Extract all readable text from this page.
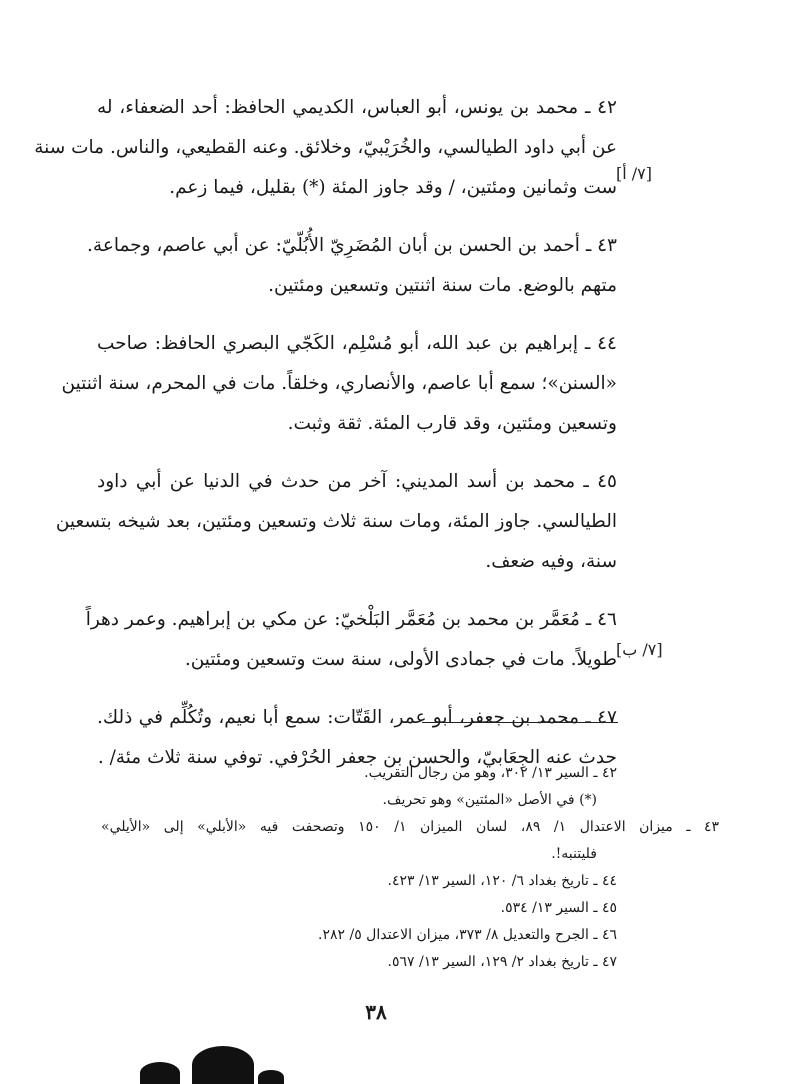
٤٢ ـ محمد بن يونس، أبو العباس، الكديمي الحافظ: أحد الضعفاء، له
عن أبي داود الطيالسي، والخُرَيْبيّ، وخلائق. وعنه القطيعي، والناس. مات سنة
ست وثمانين ومئتين، / وقد جاوز المئة (*) بقليل، فيما زعم.
٤٣ ـ أحمد بن الحسن بن أبان المُضَرِيّ الأُبُلّيّ: عن أبي عاصم، وجماعة.
متهم بالوضع. مات سنة اثنتين وتسعين ومئتين.
٤٤ ـ إبراهيم بن عبد الله، أبو مُسْلِم، الكَجّي البصري الحافظ: صاحب
«السنن»؛ سمع أبا عاصم، والأنصاري، وخلقاً. مات في المحرم، سنة اثنتين
وتسعين ومئتين، وقد قارب المئة. ثقة وثبت.
٤٥ ـ محمد بن أسد المديني: آخر من حدث في الدنيا عن أبي داود
الطيالسي. جاوز المئة، ومات سنة ثلاث وتسعين ومئتين، بعد شيخه بتسعين
سنة، وفيه ضعف.
٤٦ ـ مُعَمَّر بن محمد بن مُعَمَّر البَلْخيّ: عن مكي بن إبراهيم. وعمر دهراً
طويلاً. مات في جمادى الأولى، سنة ست وتسعين ومئتين.
٤٧ ـ محمد بن جعفر، أبو عمر، القَتّات: سمع أبا نعيم، وتُكُلِّم في ذلك.
حدث عنه الجِعَابيّ، والحسن بن جعفر الحُرْفي. توفي سنة ثلاث مئة/ .
[٧/ أ]
[٧/ ب]
٤٢ ـ السير ١٣/ ٣٠٢، وهو من رجال التقريب.
(*) في الأصل «المئتين» وهو تحريف.
٤٣ ـ ميزان الاعتدال ١/ ٨٩، لسان الميزان ١/ ١٥٠ وتصحفت فيه «الأبلي» إلى «الأيلي»
فليتنبه!.
٤٤ ـ تاريخ بغداد ٦/ ١٢٠، السير ١٣/ ٤٢٣.
٤٥ ـ السير ١٣/ ٥٣٤.
٤٦ ـ الجرح والتعديل ٨/ ٣٧٣، ميزان الاعتدال ٥/ ٢٨٢.
٤٧ ـ تاريخ بغداد ٢/ ١٢٩، السير ١٣/ ٥٦٧.
٣٨
